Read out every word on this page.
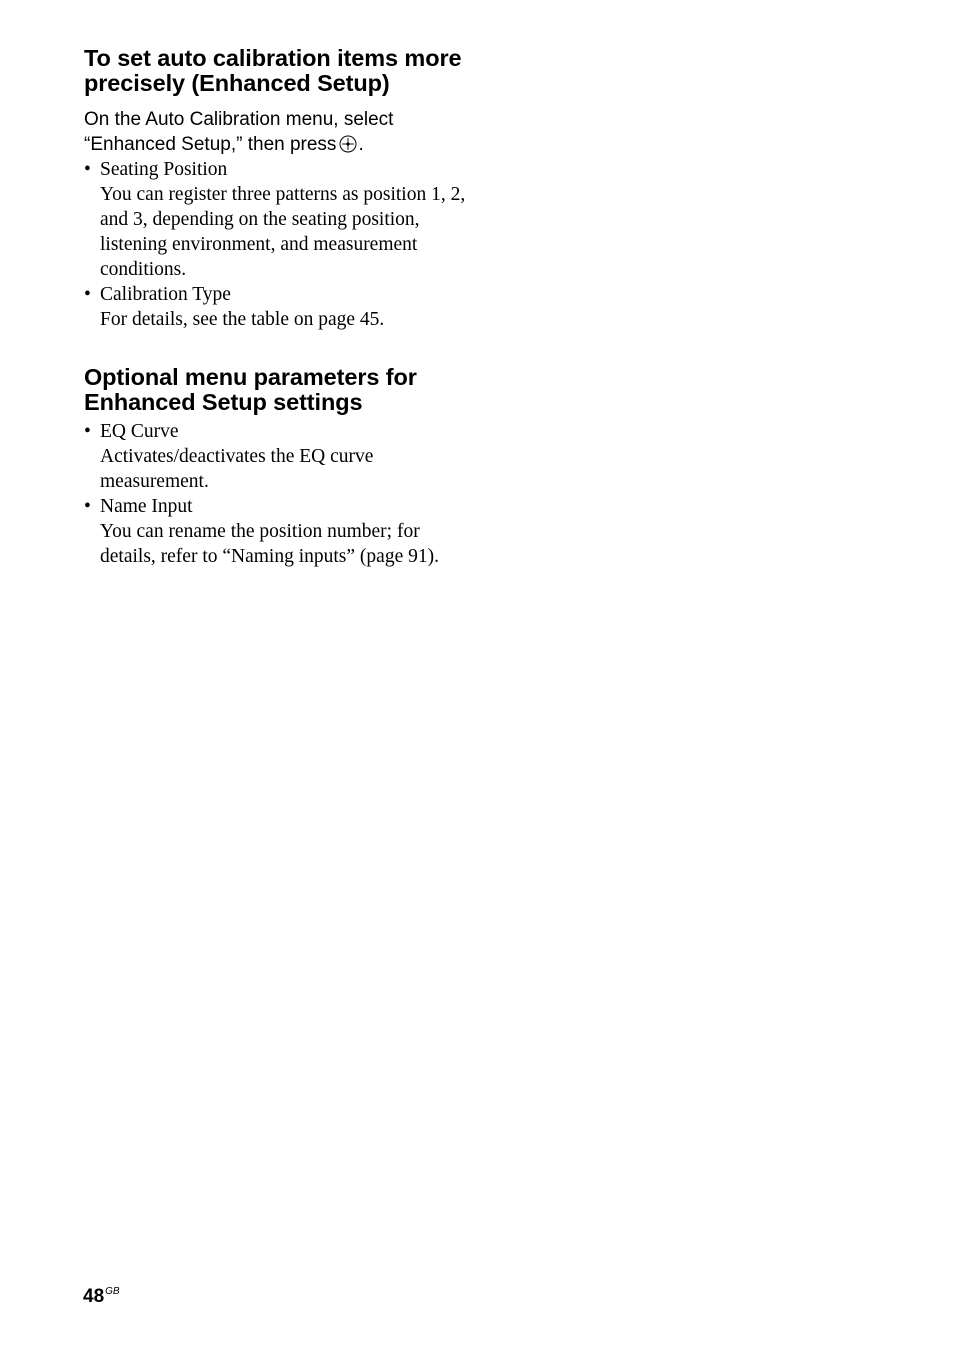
To set auto calibration items more precisely (Enhanced Setup)

On the Auto Calibration menu, select “Enhanced Setup,” then press .

• Seating Position
You can register three patterns as position 1, 2, and 3, depending on the seating position, listening environment, and measurement conditions.
• Calibration Type
For details, see the table on page 45.
Optional menu parameters for Enhanced Setup settings
• EQ Curve
Activates/deactivates the EQ curve measurement.
• Name Input
You can rename the position number; for details, refer to “Naming inputs” (page 91).
$48^{GB}$
